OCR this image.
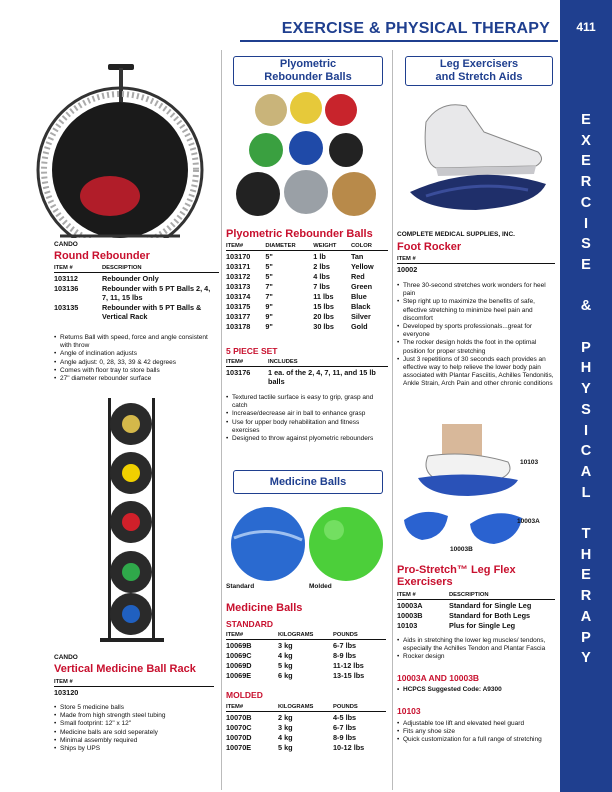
EXERCISE & PHYSICAL THERAPY	411
E
X
E
R
C
I
S
E

&

P
H
Y
S
I
C
A
L

T
H
E
R
A
P
Y
CANDO
Round Rebounder
ITEM #	DESCRIPTION
103112	Rebounder Only
103136	Rebounder with 5 PT Balls 2, 4, 7, 11, 15 lbs
103135	Rebounder with 5 PT Balls & Vertical Rack
• Returns Ball with speed, force and angle consistent with throw
• Angle of inclination adjusts
• Angle adjust: 0, 28, 33, 39 & 42 degrees
• Comes with floor tray to store balls
• 27" diameter rebounder surface
CANDO
Vertical Medicine Ball Rack
ITEM #
103120
• Store 5 medicine balls
• Made from high strength steel tubing
• Small footprint: 12" x 12"
• Medicine balls are sold seperately
• Minimal assembly required
• Ships by UPS
Plyometric
Rebounder Balls
Plyometric Rebounder Balls
ITEM#	DIAMETER	WEIGHT	COLOR
103170	5"	1 lb	Tan
103171	5"	2 lbs	Yellow
103172	5"	4 lbs	Red
103173	7"	7 lbs	Green
103174	7"	11 lbs	Blue
103175	9"	15 lbs	Black
103177	9"	20 lbs	Silver
103178	9"	30 lbs	Gold
5 PIECE SET
ITEM#	INCLUDES
103176	1 ea. of the 2, 4, 7, 11, and 15 lb balls
• Textured tactile surface is easy to grip, grasp and catch
• Increase/decrease air in ball to enhance grasp
• Use for upper body rehabilitation and fitness exercises
• Designed to throw against plyometric rebounders
Medicine Balls
Standard	Molded
Medicine Balls
STANDARD
ITEM#	KILOGRAMS	POUNDS
10069B	3 kg	6-7 lbs
10069C	4 kg	8-9 lbs
10069D	5 kg	11-12 lbs
10069E	6 kg	13-15 lbs
MOLDED
ITEM#	KILOGRAMS	POUNDS
10070B	2 kg	4-5 lbs
10070C	3 kg	6-7 lbs
10070D	4 kg	8-9 lbs
10070E	5 kg	10-12 lbs
Leg Exercisers
and Stretch Aids
COMPLETE MEDICAL SUPPLIES, INC.
Foot Rocker
ITEM #
10002
• Three 30-second stretches work wonders for heel pain
• Step right up to maximize the benefits of safe, effective stretching to minimize heel pain and discomfort
• Developed by sports professionals...great for everyone
• The rocker design holds the foot in the optimal position for proper stretching
• Just 3 repetitions of 30 seconds each provides an effective way to help relieve the lower body pain associated with Plantar Fasciitis, Achilles Tendonitis, Ankle Strain, Arch Pain and other chronic conditions
10103
10003A
10003B
Pro-Stretch™ Leg Flex Exercisers
ITEM #	DESCRIPTION
10003A	Standard for Single Leg
10003B	Standard for Both Legs
10103	Plus for Single Leg
• Aids in stretching the lower leg muscles/ tendons, especially the Achilles Tendon and Plantar Fascia
• Rocker design
10003A AND 10003B
• HCPCS Suggested Code: A9300
10103
• Adjustable toe lift and elevated heel guard
• Fits any shoe size
• Quick customization for a full range of stretching
